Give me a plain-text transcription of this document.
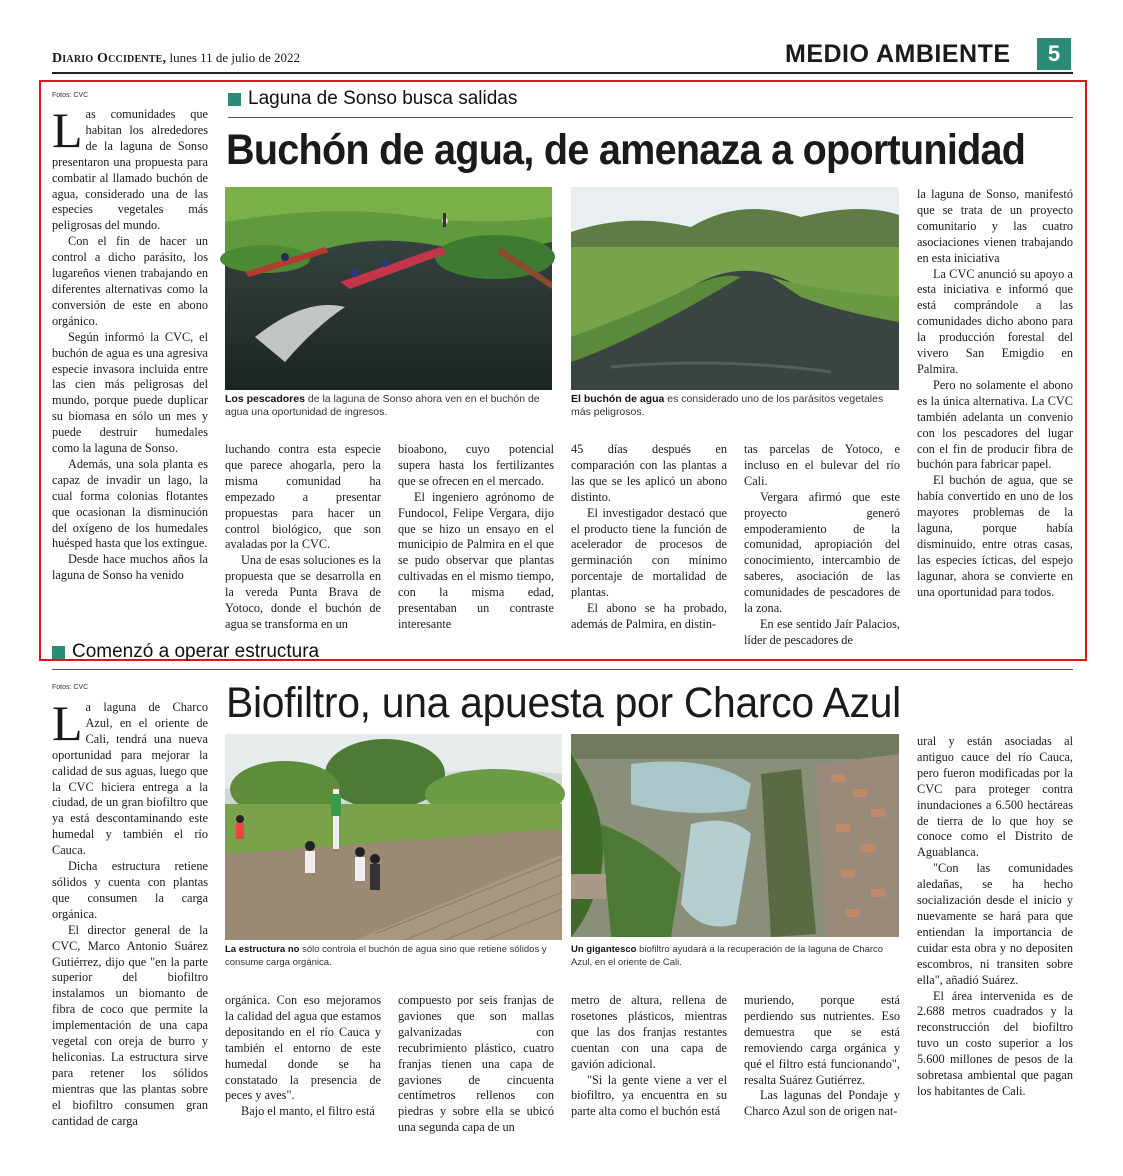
Diario Occidente, lunes 11 de julio de 2022	MEDIO AMBIENTE	5
Fotos: CVC	Laguna de Sonso busca salidas
Buchón de agua, de amenaza a oportunidad

Las comunidades que habitan los alrededores de la laguna de Sonso presentaron una propuesta para combatir al llamado buchón de agua, considerado una de las especies vegetales más peligrosas del mundo.

Con el fin de hacer un control a dicho parásito, los lugareños vienen trabajando en diferentes alternativas como la conversión de este en abono orgánico.

Según informó la CVC, el buchón de agua es una agresiva especie invasora incluida entre las cien más peligrosas del mundo, porque puede duplicar su biomasa en sólo un mes y puede destruir humedales como la laguna de Sonso.

Además, una sola planta es capaz de invadir un lago, la cual forma colonias flotantes que ocasionan la disminución del oxígeno de los humedales huésped hasta que los extingue.

Desde hace muchos años la laguna de Sonso ha venido

Los pescadores de la laguna de Sonso ahora ven en el buchón de agua una oportunidad de ingresos.
El buchón de agua es considerado uno de los parásitos vegetales más peligrosos.

luchando contra esta especie que parece ahogarla, pero la misma comunidad ha empezado a presentar propuestas para hacer un control biológico, que son avaladas por la CVC.

Una de esas soluciones es la propuesta que se desarrolla en la vereda Punta Brava de Yotoco, donde el buchón de agua se transforma en un

bioabono, cuyo potencial supera hasta los fertilizantes que se ofrecen en el mercado.

El ingeniero agrónomo de Fundocol, Felipe Vergara, dijo que se hizo un ensayo en el municipio de Palmira en el que se pudo observar que plantas cultivadas en el mismo tiempo, con la misma edad, presentaban un contraste interesante

45 días después en comparación con las plantas a las que se les aplicó un abono distinto.

El investigador destacó que el producto tiene la función de acelerador de procesos de germinación con mínimo porcentaje de mortalidad de plantas.

El abono se ha probado, además de Palmira, en distin-

tas parcelas de Yotoco, e incluso en el bulevar del río Cali.

Vergara afirmó que este proyecto generó empoderamiento de la comunidad, apropiación del conocimiento, intercambio de saberes, asociación de las comunidades de pescadores de la zona.

En ese sentido Jaír Palacios, líder de pescadores de

la laguna de Sonso, manifestó que se trata de un proyecto comunitario y las cuatro asociaciones vienen trabajando en esta iniciativa

La CVC anunció su apoyo a esta iniciativa e informó que está comprándole a las comunidades dicho abono para la producción forestal del vivero San Emigdio en Palmira.

Pero no solamente el abono es la única alternativa. La CVC también adelanta un convenio con los pescadores del lugar con el fin de producir fibra de buchón para fabricar papel.

El buchón de agua, que se había convertido en uno de los mayores problemas de la laguna, porque había disminuido, entre otras casas, las especies ícticas, del espejo lagunar, ahora se convierte en una oportunidad para todos.

Comenzó a operar estructura
Fotos: CVC	Biofiltro, una apuesta por Charco Azul

La laguna de Charco Azul, en el oriente de Cali, tendrá una nueva oportunidad para mejorar la calidad de sus aguas, luego que la CVC hiciera entrega a la ciudad, de un gran biofiltro que ya está descontaminando este humedal y también el río Cauca.

Dicha estructura retiene sólidos y cuenta con plantas que consumen la carga orgánica.

El director general de la CVC, Marco Antonio Suárez Gutiérrez, dijo que "en la parte superior del biofiltro instalamos un biomanto de fibra de coco que permite la implementación de una capa vegetal con oreja de burro y heliconias. La estructura sirve para retener los sólidos mientras que las plantas sobre el biofiltro consumen gran cantidad de carga

La estructura no sólo controla el buchón de agua sino que retiene sólidos y consume carga orgánica.
Un gigantesco biofiltro ayudará a la recuperación de la laguna de Charco Azul, en el oriente de Cali.

orgánica. Con eso mejoramos la calidad del agua que estamos depositando en el río Cauca y también el entorno de este humedal donde se ha constatado la presencia de peces y aves".

Bajo el manto, el filtro está

compuesto por seis franjas de gaviones que son mallas galvanizadas con recubrimiento plástico, cuatro franjas tienen una capa de gaviones de cincuenta centímetros rellenos con piedras y sobre ella se ubicó una segunda capa de un

metro de altura, rellena de rosetones plásticos, mientras que las dos franjas restantes cuentan con una capa de gavión adicional.

"Si la gente viene a ver el biofiltro, ya encuentra en su parte alta como el buchón está

muriendo, porque está perdiendo sus nutrientes. Eso demuestra que se está removiendo carga orgánica y qué el filtro está funcionando", resalta Suárez Gutiérrez.

Las lagunas del Pondaje y Charco Azul son de origen nat-

ural y están asociadas al antiguo cauce del río Cauca, pero fueron modificadas por la CVC para proteger contra inundaciones a 6.500 hectáreas de tierra de lo que hoy se conoce como el Distrito de Aguablanca.

"Con las comunidades aledañas, se ha hecho socialización desde el inicio y nuevamente se hará para que entiendan la importancia de cuidar esta obra y no depositen escombros, ni transiten sobre ella", añadió Suárez.

El área intervenida es de 2.688 metros cuadrados y la reconstrucción del biofiltro tuvo un costo superior a los 5.600 millones de pesos de la sobretasa ambiental que pagan los habitantes de Cali.
